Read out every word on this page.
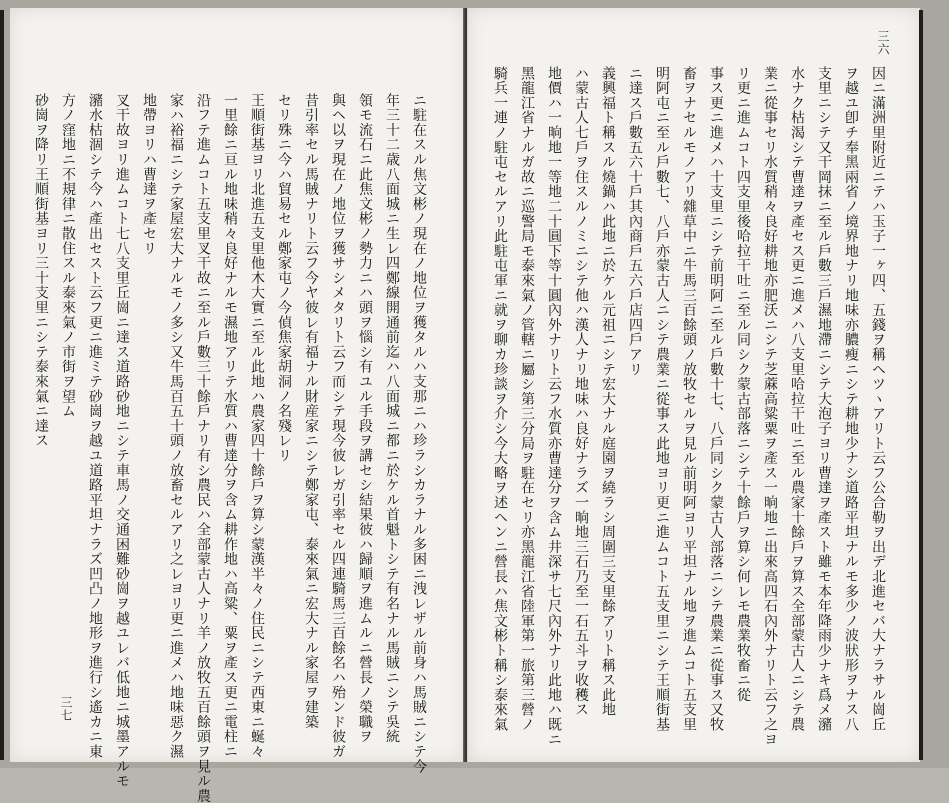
ニ駐在スル焦文彬ノ現在ノ地位ヲ獲タルハ支那ニハ珍ラシカラナル多困ニ洩レザル前身ハ馬賊ニシテ今
年三十二歳八面城ニ生レ四鄭線開通前迄ハ八面城ニ都ニ於ケル首魁トシテ有名ナル馬賊ニシテ吳統
領モ流石ニ此焦文彬ノ勢力ニハ頭ヲ惱シ有ユル手段ヲ講セシ結果彼ハ歸順ヲ進ムルニ營長ノ榮職ヲ
與ヘ以ヲ現在ノ地位ヲ獲サシメタリト云フ而シテ現今彼レガ引率セル四連騎馬三百餘名ハ殆ンド彼ガ
昔引率セル馬賊ナリト云フ今ヤ彼レ有福ナル財産家ニシテ鄭家屯、泰來氣ニ宏大ナル家屋ヲ建築
セリ殊ニ今ハ貿易セル鄭家屯ノ今偵焦家胡洞ノ名殘レリ
王順街基ヨリ北進五支里他木大實ニ至ル此地ハ農家四十餘戶ヲ算シ蒙漢半々ノ住民ニシテ西東ニ蜒々
一里餘ニ亘ル地味稍々良好ナルモ濕地アリテ水質ハ曹達分ヲ含ム耕作地ハ高粱、粟ヲ產ス更ニ電柱ニ
沿フテ進ムコト五支里叉干故ニ至ル戶數三十餘戶ナリ有シ農民ハ全部蒙古人ナリ羊ノ放牧五百餘頭ヲ見ル農
家ハ裕福ニシテ家屋宏大ナルモノ多シ又牛馬百五十頭ノ放畜セルアリ之レヨリ更ニ進メハ地味惡ク濕
地帶ヨリハ曹達ヲ產セリ
叉干故ヨリ進ムコト七八支里丘崗ニ達ス道路砂地ニシテ車馬ノ交通困難砂崗ヲ越ユレバ低地ニ城墨アルモ
瀦水枯涸シテ今ハ產出セスト云フ更ニ進ミテ砂崗ヲ越ユ道路平坦ナラズ凹凸ノ地形ヲ進行シ遙カニ東
方ノ窪地ニ不規律ニ散住スル泰來氣ノ市街ヲ望ム
砂崗ヲ降リ王順街基ヨリ三十支里ニシテ泰來氣ニ達ス
三七	因ニ滿洲里附近ニテハ玉子一ヶ四、五錢ヲ稱ヘツヽアリト云フ公合勒ヲ出デ北進セバ大ナラサル崗丘
ヲ越ユ卽チ奉黑兩省ノ境界地ナリ地味亦膿瘦ニシテ耕地少ナシ道路平坦ナルモ多少ノ波狀形ヲナス八
支里ニシテ又干岡抹ニ至ル戶數三戶濕地滯ニシテ大泡子ヨリ曹達ヲ產スト雖モ本年降雨少ナキ爲メ瀦
水ナク枯渴シテ曹達ヲ產セス更ニ進メハ八支里哈拉干吐ニ至ル農家十餘戶ヲ算ス全部蒙古人ニシテ農
業ニ從事セリ水質稍々良好耕地亦肥沃ニシテ芝蔴高粱粟ヲ產ス一晌地ニ出來高四石內外ナリト云フ之ヨ
リ更ニ進ムコト四支里後哈拉干吐ニ至ル同シク蒙古部落ニシテ十餘戶ヲ算シ何レモ農業牧畜ニ從
事ス更ニ進メハ十支里ニシテ前明阿ニ至ル戶數十七、八戶同シク蒙古人部落ニシテ農業ニ從事ス又牧
畜ヲナセルモノアリ雜草中ニ牛馬三百餘頭ノ放牧セルヲ見ル前明阿ヨリ平坦ナル地ヲ進ムコト五支里
明阿屯ニ至ル戶數七、八戶亦蒙古人ニシテ農業ニ從事ス此地ヨリ更ニ進ムコト五支里ニシテ王順街基
ニ達ス戶數五六十戶其內商戶五六戶店四戶アリ
義興福ト稱スル燒鍋ハ此地ニ於ケル元祖ニシテ宏大ナル庭園ヲ繞ラシ周圍三支里餘アリト稱ス此地
ハ蒙古人七戶ヲ住スルノミニシテ他ハ漢人ナリ地味ハ良好ナラズ一晌地三石乃至一石五斗ヲ收穫ス
地價ハ一晌地一等地二十圓下等十圓內外ナリト云フ水質亦曹達分ヲ含ム井深サ七尺內外ナリ此地ハ既ニ
黑龍江省ナルガ故ニ巡警局モ泰來氣ノ管轄ニ屬シ第三分局ヲ駐在セリ亦黑龍江省陸軍第一旅第三營ノ
騎兵一連ノ駐屯セルアリ此駐屯軍ニ就ヲ聊カ珍談ヲ介シ今大略ヲ述ヘンニ營長ハ焦文彬ト稱シ泰來氣
三六
